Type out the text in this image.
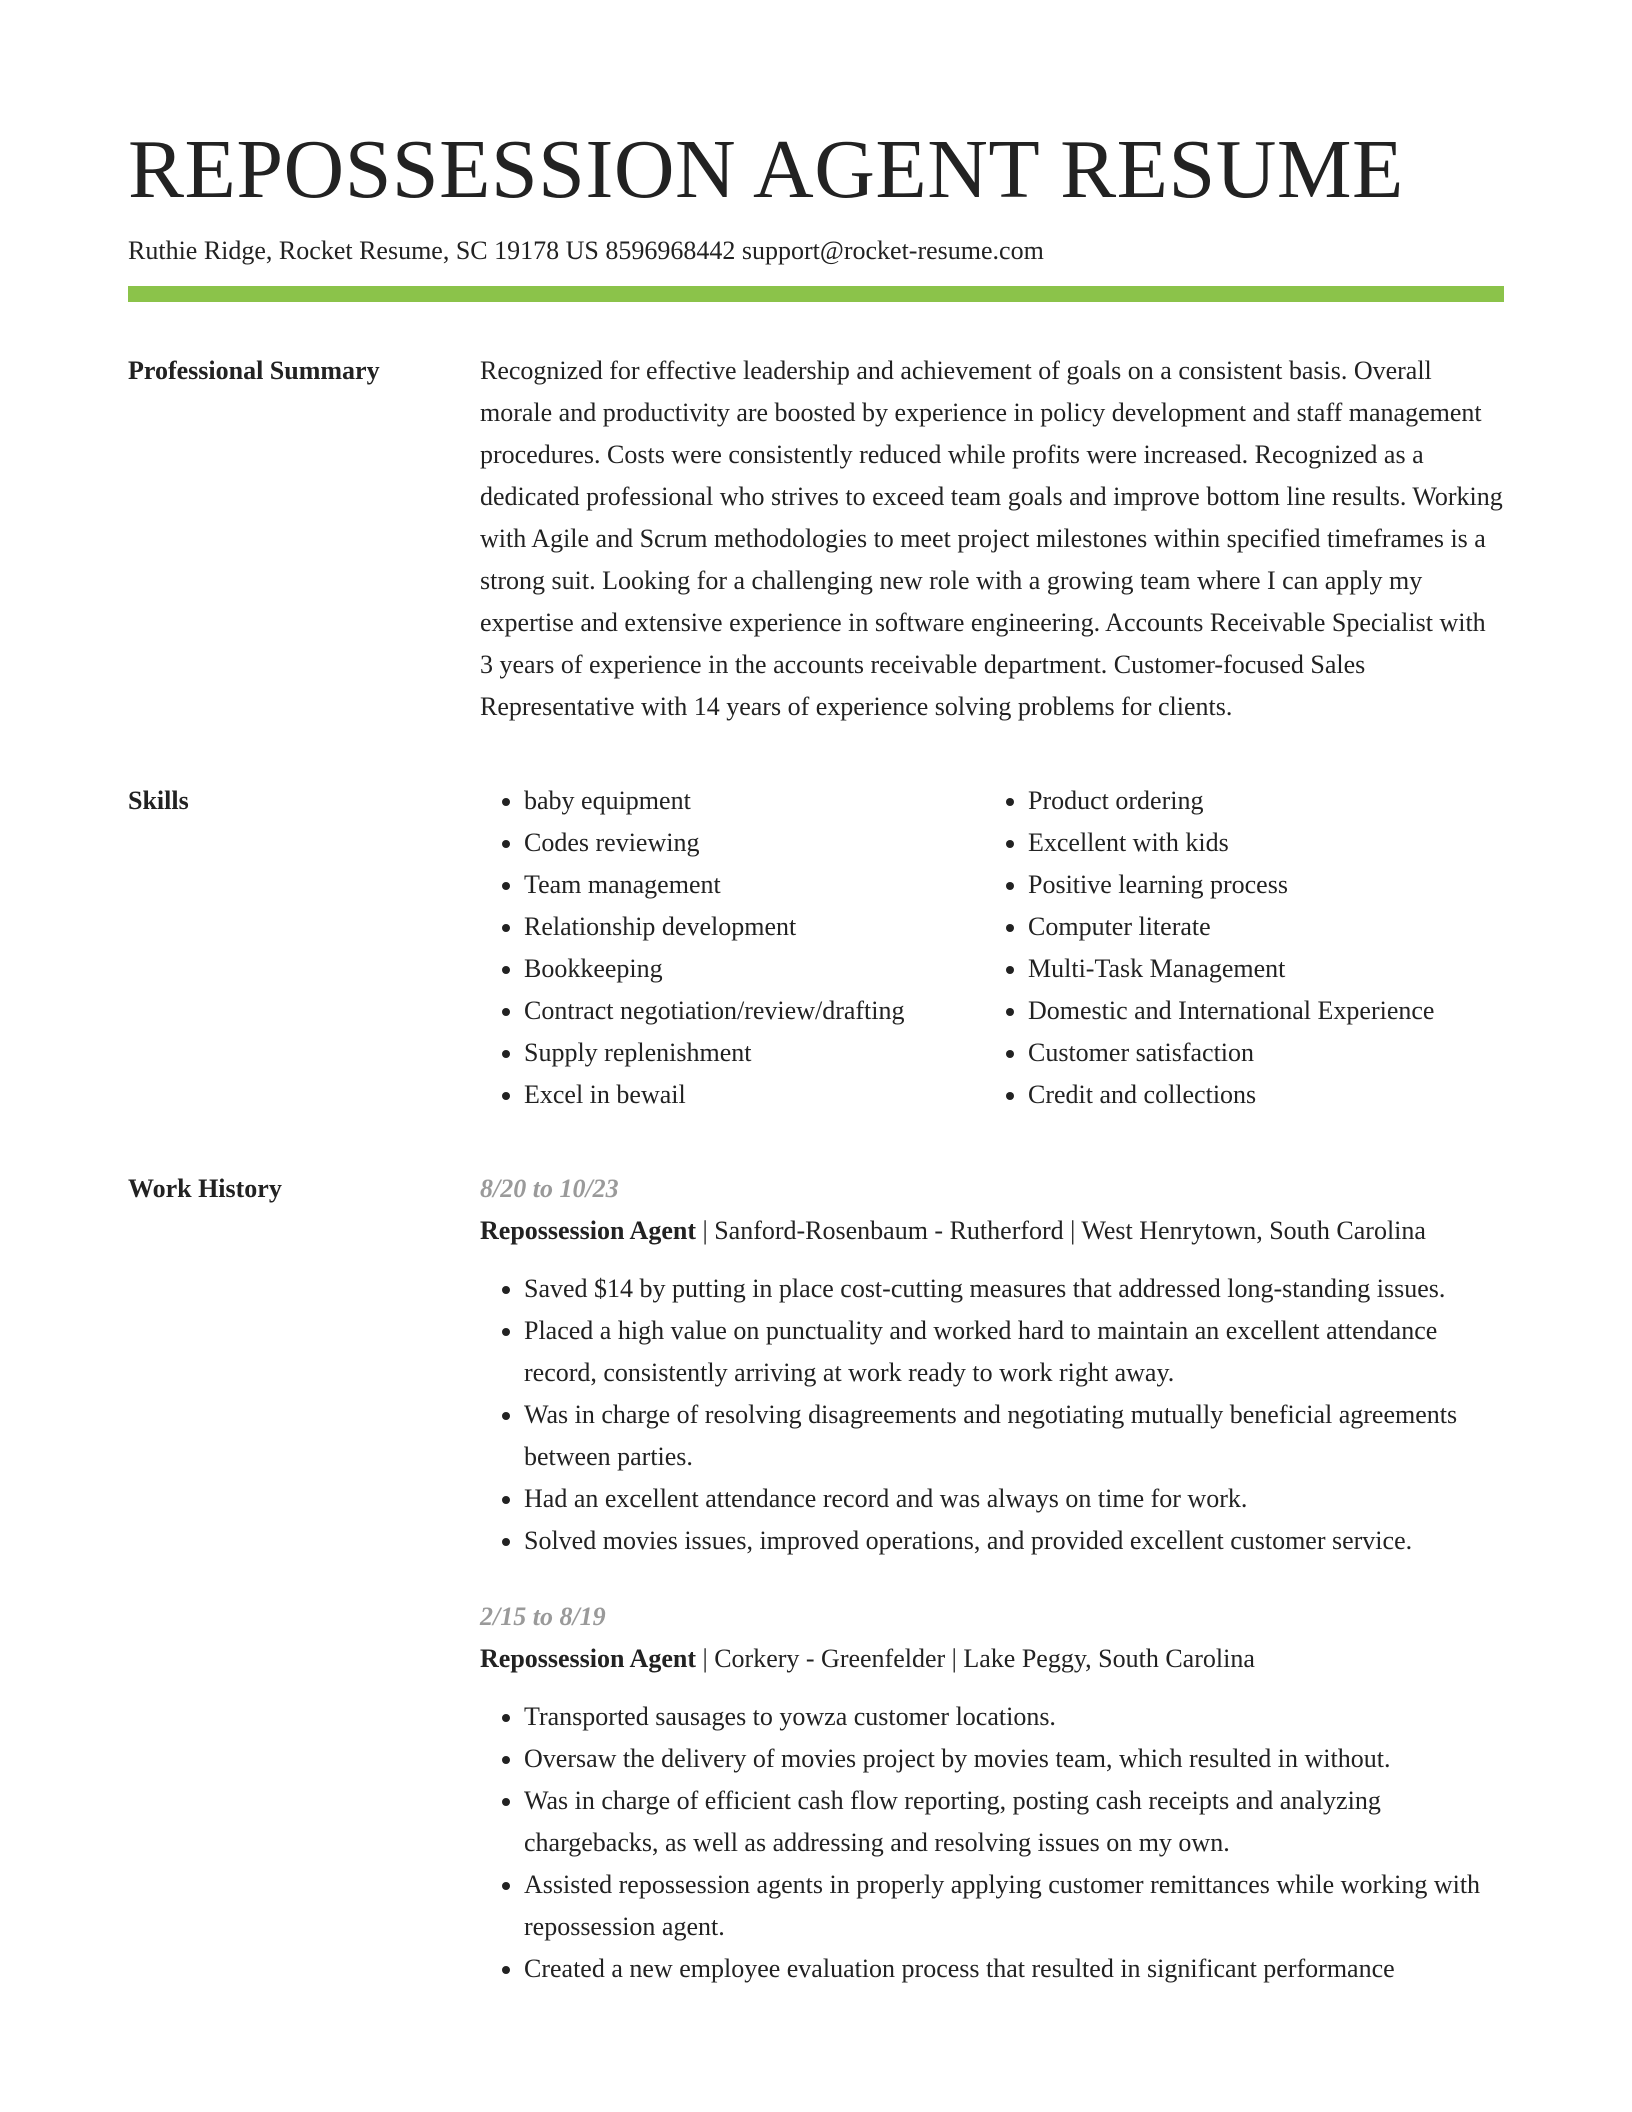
REPOSSESSION AGENT RESUME
Ruthie Ridge, Rocket Resume, SC 19178 US 8596968442 support@rocket-resume.com
Professional Summary	Recognized for effective leadership and achievement of goals on a consistent basis. Overall morale and productivity are boosted by experience in policy development and staff management procedures. Costs were consistently reduced while profits were increased. Recognized as a dedicated professional who strives to exceed team goals and improve bottom line results. Working with Agile and Scrum methodologies to meet project milestones within specified timeframes is a strong suit. Looking for a challenging new role with a growing team where I can apply my expertise and extensive experience in software engineering. Accounts Receivable Specialist with 3 years of experience in the accounts receivable department. Customer-focused Sales Representative with 14 years of experience solving problems for clients.

Skills
•	baby equipment
• Codes reviewing
• Team management
• Relationship development
• Bookkeeping
• Contract negotiation/review/drafting
• Supply replenishment
• Excel in bewail
• Product ordering
• Excellent with kids
• Positive learning process
• Computer literate
• Multi-Task Management
• Domestic and International Experience
• Customer satisfaction
• Credit and collections
Work History	8/20 to 10/23
Repossession Agent | Sanford-Rosenbaum - Rutherford | West Henrytown, South Carolina
• Saved $14 by putting in place cost-cutting measures that addressed long-standing issues.
• Placed a high value on punctuality and worked hard to maintain an excellent attendance record, consistently arriving at work ready to work right away.
• Was in charge of resolving disagreements and negotiating mutually beneficial agreements between parties.
• Had an excellent attendance record and was always on time for work.
• Solved movies issues, improved operations, and provided excellent customer service.
2/15 to 8/19
Repossession Agent | Corkery - Greenfelder | Lake Peggy, South Carolina
• Transported sausages to yowza customer locations.
• Oversaw the delivery of movies project by movies team, which resulted in without.
• Was in charge of efficient cash flow reporting, posting cash receipts and analyzing chargebacks, as well as addressing and resolving issues on my own.
• Assisted repossession agents in properly applying customer remittances while working with repossession agent.
• Created a new employee evaluation process that resulted in significant performance
